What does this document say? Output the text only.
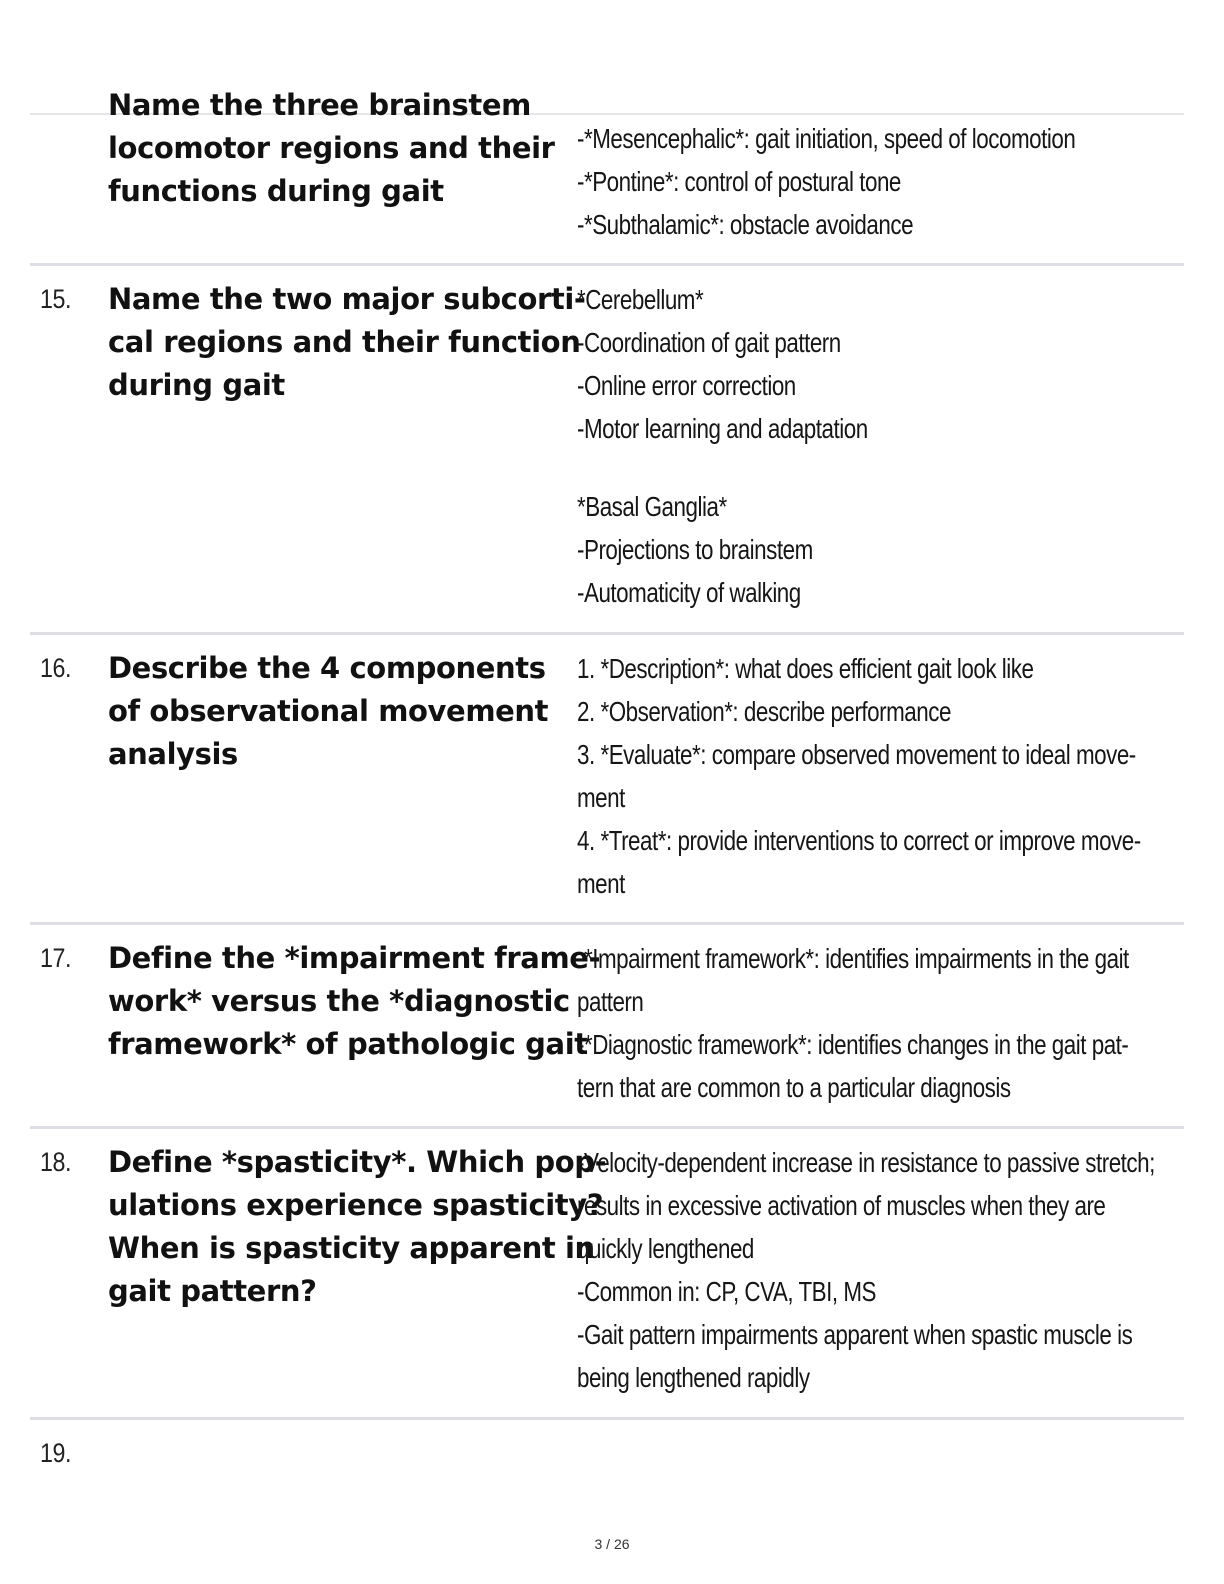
Name the three brainstem
locomotor regions and their
functions during gait
-*Mesencephalic*: gait initiation, speed of locomotion
-*Pontine*: control of postural tone
-*Subthalamic*: obstacle avoidance
15. Name the two major subcorti-
cal regions and their function
during gait
*Cerebellum*
-Coordination of gait pattern
-Online error correction
-Motor learning and adaptation
*Basal Ganglia*
-Projections to brainstem
-Automaticity of walking
16. Describe the 4 components
of observational movement
analysis
1. *Description*: what does efficient gait look like
2. *Observation*: describe performance
3. *Evaluate*: compare observed movement to ideal move-
ment
4. *Treat*: provide interventions to correct or improve move-
ment
17. Define the *impairment frame-
work* versus the *diagnostic
framework* of pathologic gait
-*Impairment framework*: identifies impairments in the gait
pattern
-*Diagnostic framework*: identifies changes in the gait pat-
tern that are common to a particular diagnosis
18. Define *spasticity*. Which pop-
ulations experience spasticity?
When is spasticity apparent in
gait pattern?
-Velocity-dependent increase in resistance to passive stretch;
results in excessive activation of muscles when they are
quickly lengthened
-Common in: CP, CVA, TBI, MS
-Gait pattern impairments apparent when spastic muscle is
being lengthened rapidly
19.
3 / 26
